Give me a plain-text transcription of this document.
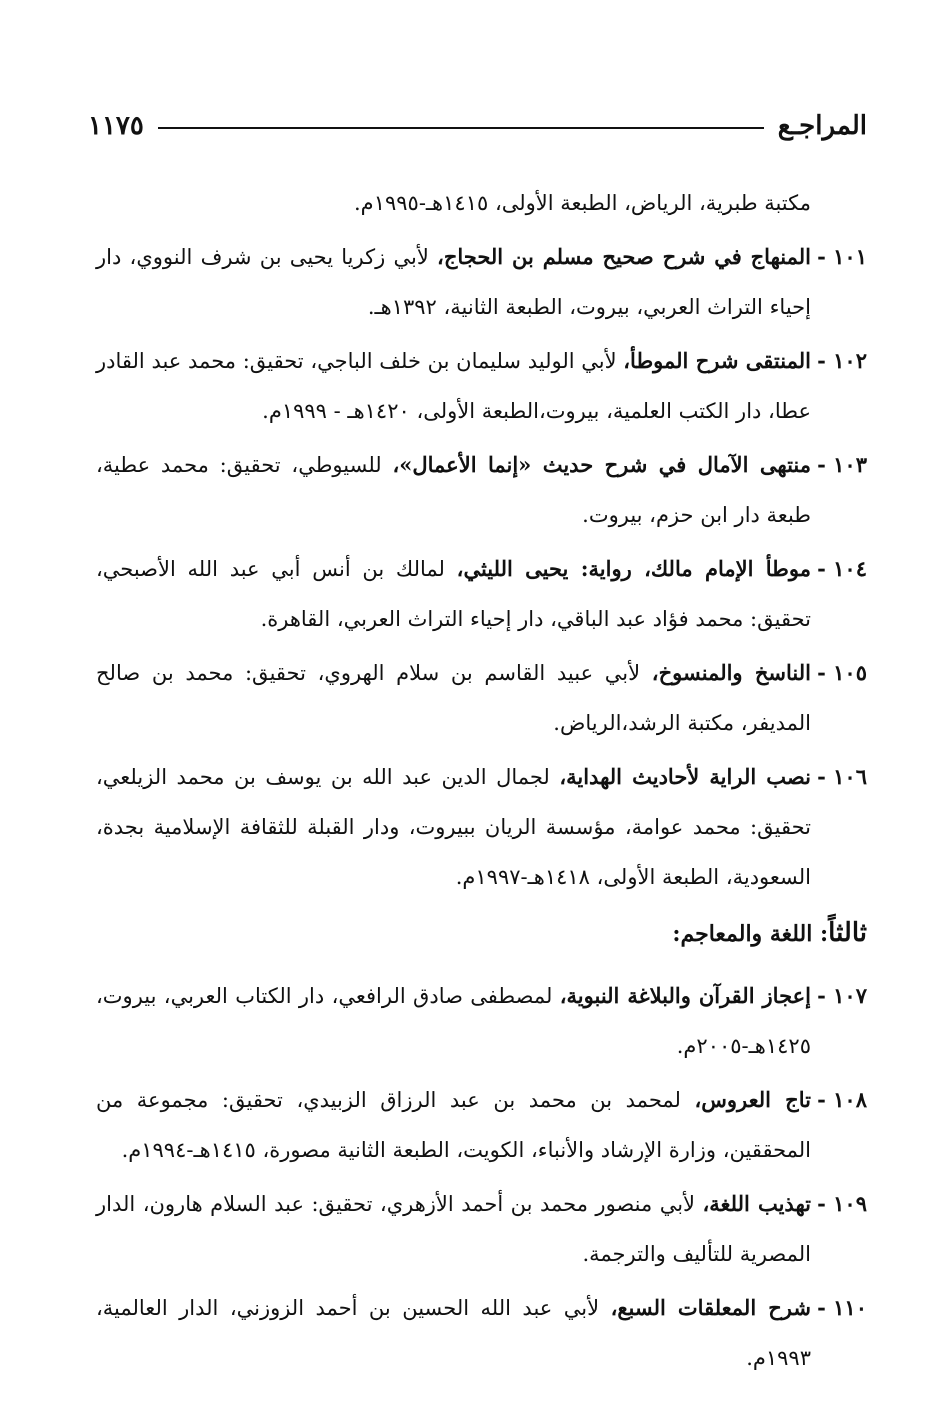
المراجـع
١١٧٥
مكتبة طبرية، الرياض، الطبعة الأولى، ١٤١٥هـ-١٩٩٥م.
١٠١ -المنهاج في شرح صحيح مسلم بن الحجاج، لأبي زكريا يحيى بن شرف النووي، دار إحياء التراث العربي، بيروت، الطبعة الثانية، ١٣٩٢هـ.
١٠٢ -المنتقى شرح الموطأ، لأبي الوليد سليمان بن خلف الباجي، تحقيق: محمد عبد القادر عطا، دار الكتب العلمية، بيروت،الطبعة الأولى، ١٤٢٠هـ - ١٩٩٩م.
١٠٣ -منتهى الآمال في شرح حديث «إنما الأعمال»، للسيوطي، تحقيق: محمد عطية، طبعة دار ابن حزم، بيروت.
١٠٤ -موطأ الإمام مالك، رواية: يحيى الليثي، لمالك بن أنس أبي عبد الله الأصبحي، تحقيق: محمد فؤاد عبد الباقي، دار إحياء التراث العربي، القاهرة.
١٠٥ -الناسخ والمنسوخ، لأبي عبيد القاسم بن سلام الهروي، تحقيق: محمد بن صالح المديفر، مكتبة الرشد،الرياض.
١٠٦ -نصب الراية لأحاديث الهداية، لجمال الدين عبد الله بن يوسف بن محمد الزيلعي، تحقيق: محمد عوامة، مؤسسة الريان ببيروت، ودار القبلة للثقافة الإسلامية بجدة، السعودية، الطبعة الأولى، ١٤١٨هـ-١٩٩٧م.
ثالثاً: اللغة والمعاجم:
١٠٧ -إعجاز القرآن والبلاغة النبوية، لمصطفى صادق الرافعي، دار الكتاب العربي، بيروت، ١٤٢٥هـ-٢٠٠٥م.
١٠٨ -تاج العروس، لمحمد بن محمد بن عبد الرزاق الزبيدي، تحقيق: مجموعة من المحققين، وزارة الإرشاد والأنباء، الكويت، الطبعة الثانية مصورة، ١٤١٥هـ-١٩٩٤م.
١٠٩ -تهذيب اللغة، لأبي منصور محمد بن أحمد الأزهري، تحقيق: عبد السلام هارون، الدار المصرية للتأليف والترجمة.
١١٠ -شرح المعلقات السبع، لأبي عبد الله الحسين بن أحمد الزوزني، الدار العالمية، ١٩٩٣م.
